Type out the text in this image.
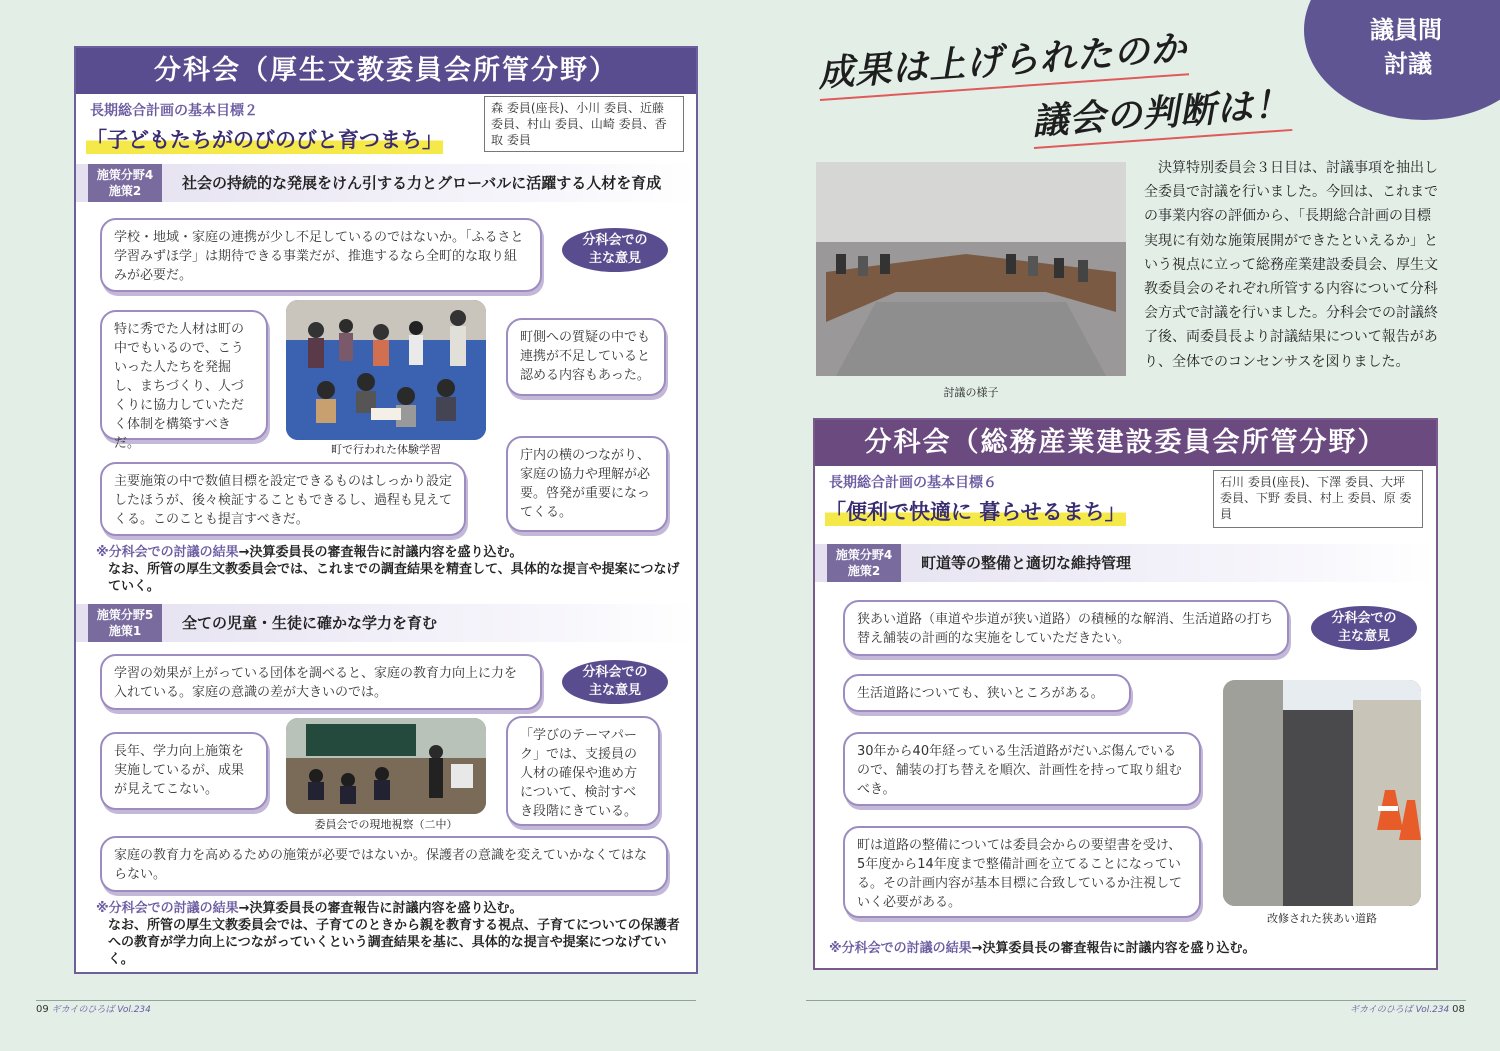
分科会（厚生文教委員会所管分野）
長期総合計画の基本目標２
「子どもたちがのびのびと育つまち」
森 委員(座長)、小川 委員、近藤 委員、村山 委員、山崎 委員、香取 委員
施策分野4
施策2	社会の持続的な発展をけん引する力とグローバルに活躍する人材を育成
学校・地域・家庭の連携が少し不足しているのではないか。「ふるさと学習みずほ学」は期待できる事業だが、推進するなら全町的な取り組みが必要だ。
分科会での主な意見
特に秀でた人材は町の中でもいるので、こういった人たちを発掘し、まちづくり、人づくりに協力していただく体制を構築すべきだ。	町で行われた体験学習
町側への質疑の中でも連携が不足していると認める内容もあった。
庁内の横のつながり、家庭の協力や理解が必要。啓発が重要になってくる。
主要施策の中で数値目標を設定できるものはしっかり設定したほうが、後々検証することもできるし、過程も見えてくる。このことも提言すべきだ。
※分科会での討議の結果→決算委員長の審査報告に討議内容を盛り込む。
なお、所管の厚生文教委員会では、これまでの調査結果を精査して、具体的な提言や提案につなげていく。
施策分野5
施策1	全ての児童・生徒に確かな学力を育む
学習の効果が上がっている団体を調べると、家庭の教育力向上に力を入れている。家庭の意識の差が大きいのでは。
分科会での主な意見
長年、学力向上施策を実施しているが、成果が見えてこない。
委員会での現地視察（二中）
「学びのテーマパーク」では、支援員の人材の確保や進め方について、検討すべき段階にきている。
家庭の教育力を高めるための施策が必要ではないか。保護者の意識を変えていかなくてはならない。
※分科会での討議の結果→決算委員長の審査報告に討議内容を盛り込む。
なお、所管の厚生文教委員会では、子育てのときから親を教育する視点、子育てについての保護者への教育が学力向上につながっていくという調査結果を基に、具体的な提言や提案につなげていく。
議員間
討議
成果は上げられたのか
議会の判断は！
討議の様子
　決算特別委員会３日目は、討議事項を抽出し全委員で討議を行いました。今回は、これまでの事業内容の評価から、「長期総合計画の目標実現に有効な施策展開ができたといえるか」という視点に立って総務産業建設委員会、厚生文教委員会のそれぞれ所管する内容について分科会方式で討議を行いました。分科会での討議終了後、両委員長より討議結果について報告があり、全体でのコンセンサスを図りました。
分科会（総務産業建設委員会所管分野）
長期総合計画の基本目標６
「便利で快適に 暮らせるまち」
石川 委員(座長)、下澤 委員、大坪 委員、下野 委員、村上 委員、原 委員
施策分野4
施策2	町道等の整備と適切な維持管理
狭あい道路（車道や歩道が狭い道路）の積極的な解消、生活道路の打ち替え舗装の計画的な実施をしていただきたい。
分科会での主な意見
生活道路についても、狭いところがある。
30年から40年経っている生活道路がだいぶ傷んでいるので、舗装の打ち替えを順次、計画性を持って取り組むべき。
町は道路の整備については委員会からの要望書を受け、5年度から14年度まで整備計画を立てることになっている。その計画内容が基本目標に合致しているか注視していく必要がある。
改修された狭あい道路
※分科会での討議の結果→決算委員長の審査報告に討議内容を盛り込む。
09 ギカイのひろば Vol.234	ギカイのひろば Vol.234 08
